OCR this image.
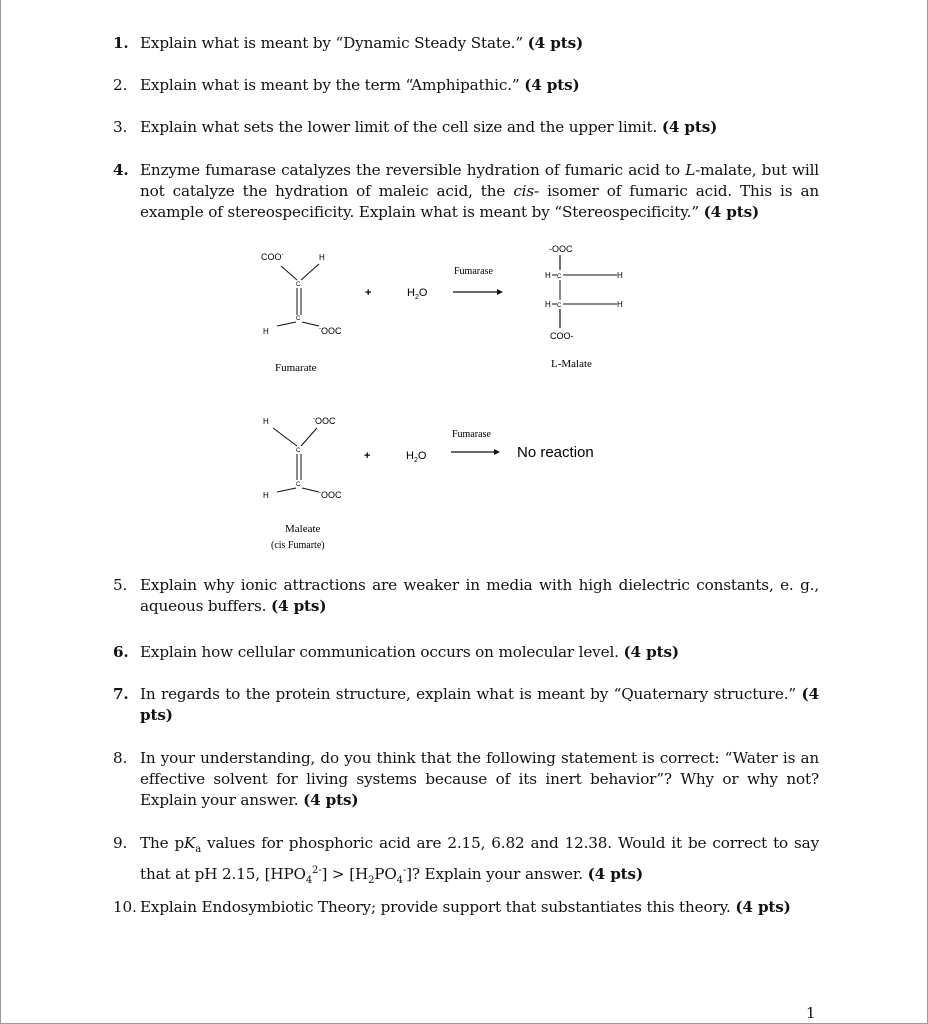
1. Explain what is meant by “Dynamic Steady State.” (4 pts)
2. Explain what is meant by the term “Amphipathic.” (4 pts)
3. Explain what sets the lower limit of the cell size and the upper limit. (4 pts)
4. Enzyme fumarase catalyzes the reversible hydration of fumaric acid to L-malate, but will not catalyze the hydration of maleic acid, the cis- isomer of fumaric acid. This is an example of stereospecificity. Explain what is meant by “Stereospecificity.” (4 pts)
COO-	H
C
C
H	-OOC
Fumarate
+	$H_2O$
Fumarase
-OOC
H C	H
H C	H
COO-
L-Malate
H	-OOC
C
C
H	-OOC
Maleate
(cis Fumarte)
+	$H_2O$
Fumarase
No reaction
5. Explain why ionic attractions are weaker in media with high dielectric constants, e. g., aqueous buffers. (4 pts)
6. Explain how cellular communication occurs on molecular level. (4 pts)
7. In regards to the protein structure, explain what is meant by “Quaternary structure.” (4 pts)
8. In your understanding, do you think that the following statement is correct: “Water is an effective solvent for living systems because of its inert behavior”? Why or why not? Explain your answer. (4 pts)
9. The $pK_a$ values for phosphoric acid are 2.15, 6.82 and 12.38. Would it be correct to say that at pH 2.15, $[HPO_4^{2-}] > [H_2PO_4^-]$? Explain your answer. (4 pts)
10. Explain Endosymbiotic Theory; provide support that substantiates this theory. (4 pts)
1
